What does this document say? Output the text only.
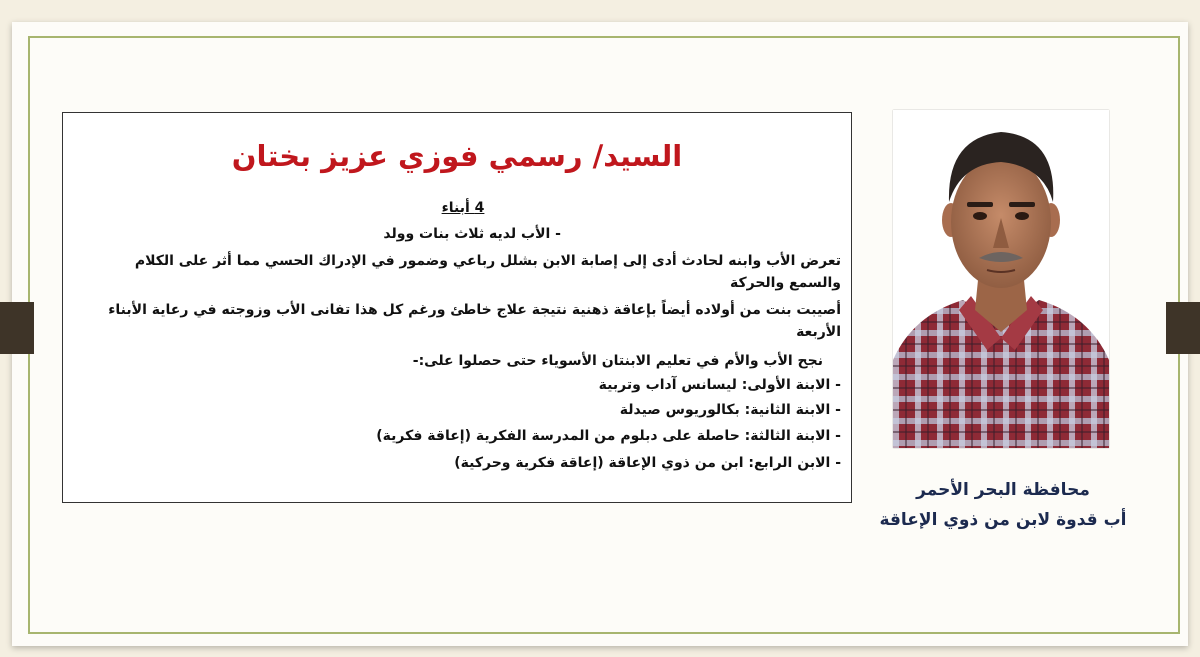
السيد/ رسمي فوزي عزيز بختان
4 أبناء
- الأب لديه ثلاث بنات وولد
تعرض الأب وابنه لحادث أدى إلى إصابة الابن بشلل رباعي وضمور في الإدراك الحسي مما أثر على الكلام
والسمع والحركة
أصيبت بنت من أولاده أيضاً بإعاقة ذهنية نتيجة علاج خاطئ ورغم كل هذا تفانى الأب وزوجته في رعاية الأبناء
الأربعة
نجح الأب والأم في تعليم الابنتان الأسوياء حتى حصلوا على:-
- الابنة الأولى: ليسانس آداب وتربية
- الابنة الثانية: بكالوريوس صيدلة
- الابنة الثالثة: حاصلة على دبلوم من المدرسة الفكرية (إعاقة فكرية)
- الابن الرابع: ابن من ذوي الإعاقة (إعاقة فكرية وحركية)
محافظة البحر الأحمر
أب قدوة لابن من ذوي الإعاقة
